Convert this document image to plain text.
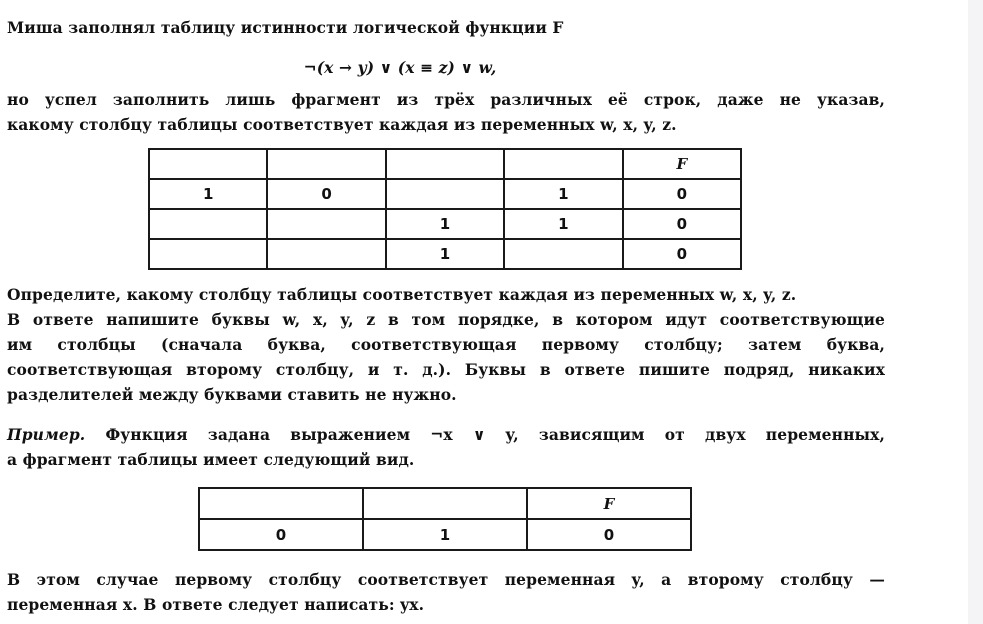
Миша заполнял таблицу истинности логической функции F
¬(x → y) ∨ (x ≡ z) ∨ w,
но успел заполнить лишь фрагмент из трёх различных её строк, даже не указав,
какому столбцу таблицы соответствует каждая из переменных w, x, y, z.
				F
1	0		1	0
		1	1	0
		1		0
Определите, какому столбцу таблицы соответствует каждая из переменных w, x, y, z.
В ответе напишите буквы w, x, y, z в том порядке, в котором идут соответствующие
им столбцы (сначала буква, соответствующая первому столбцу; затем буква,
соответствующая второму столбцу, и т. д.). Буквы в ответе пишите подряд, никаких
разделителей между буквами ставить не нужно.
Пример. Функция задана выражением ¬x ∨ y, зависящим от двух переменных,
а фрагмент таблицы имеет следующий вид.
		F
0	1	0
В этом случае первому столбцу соответствует переменная y, а второму столбцу —
переменная x. В ответе следует написать: yx.
